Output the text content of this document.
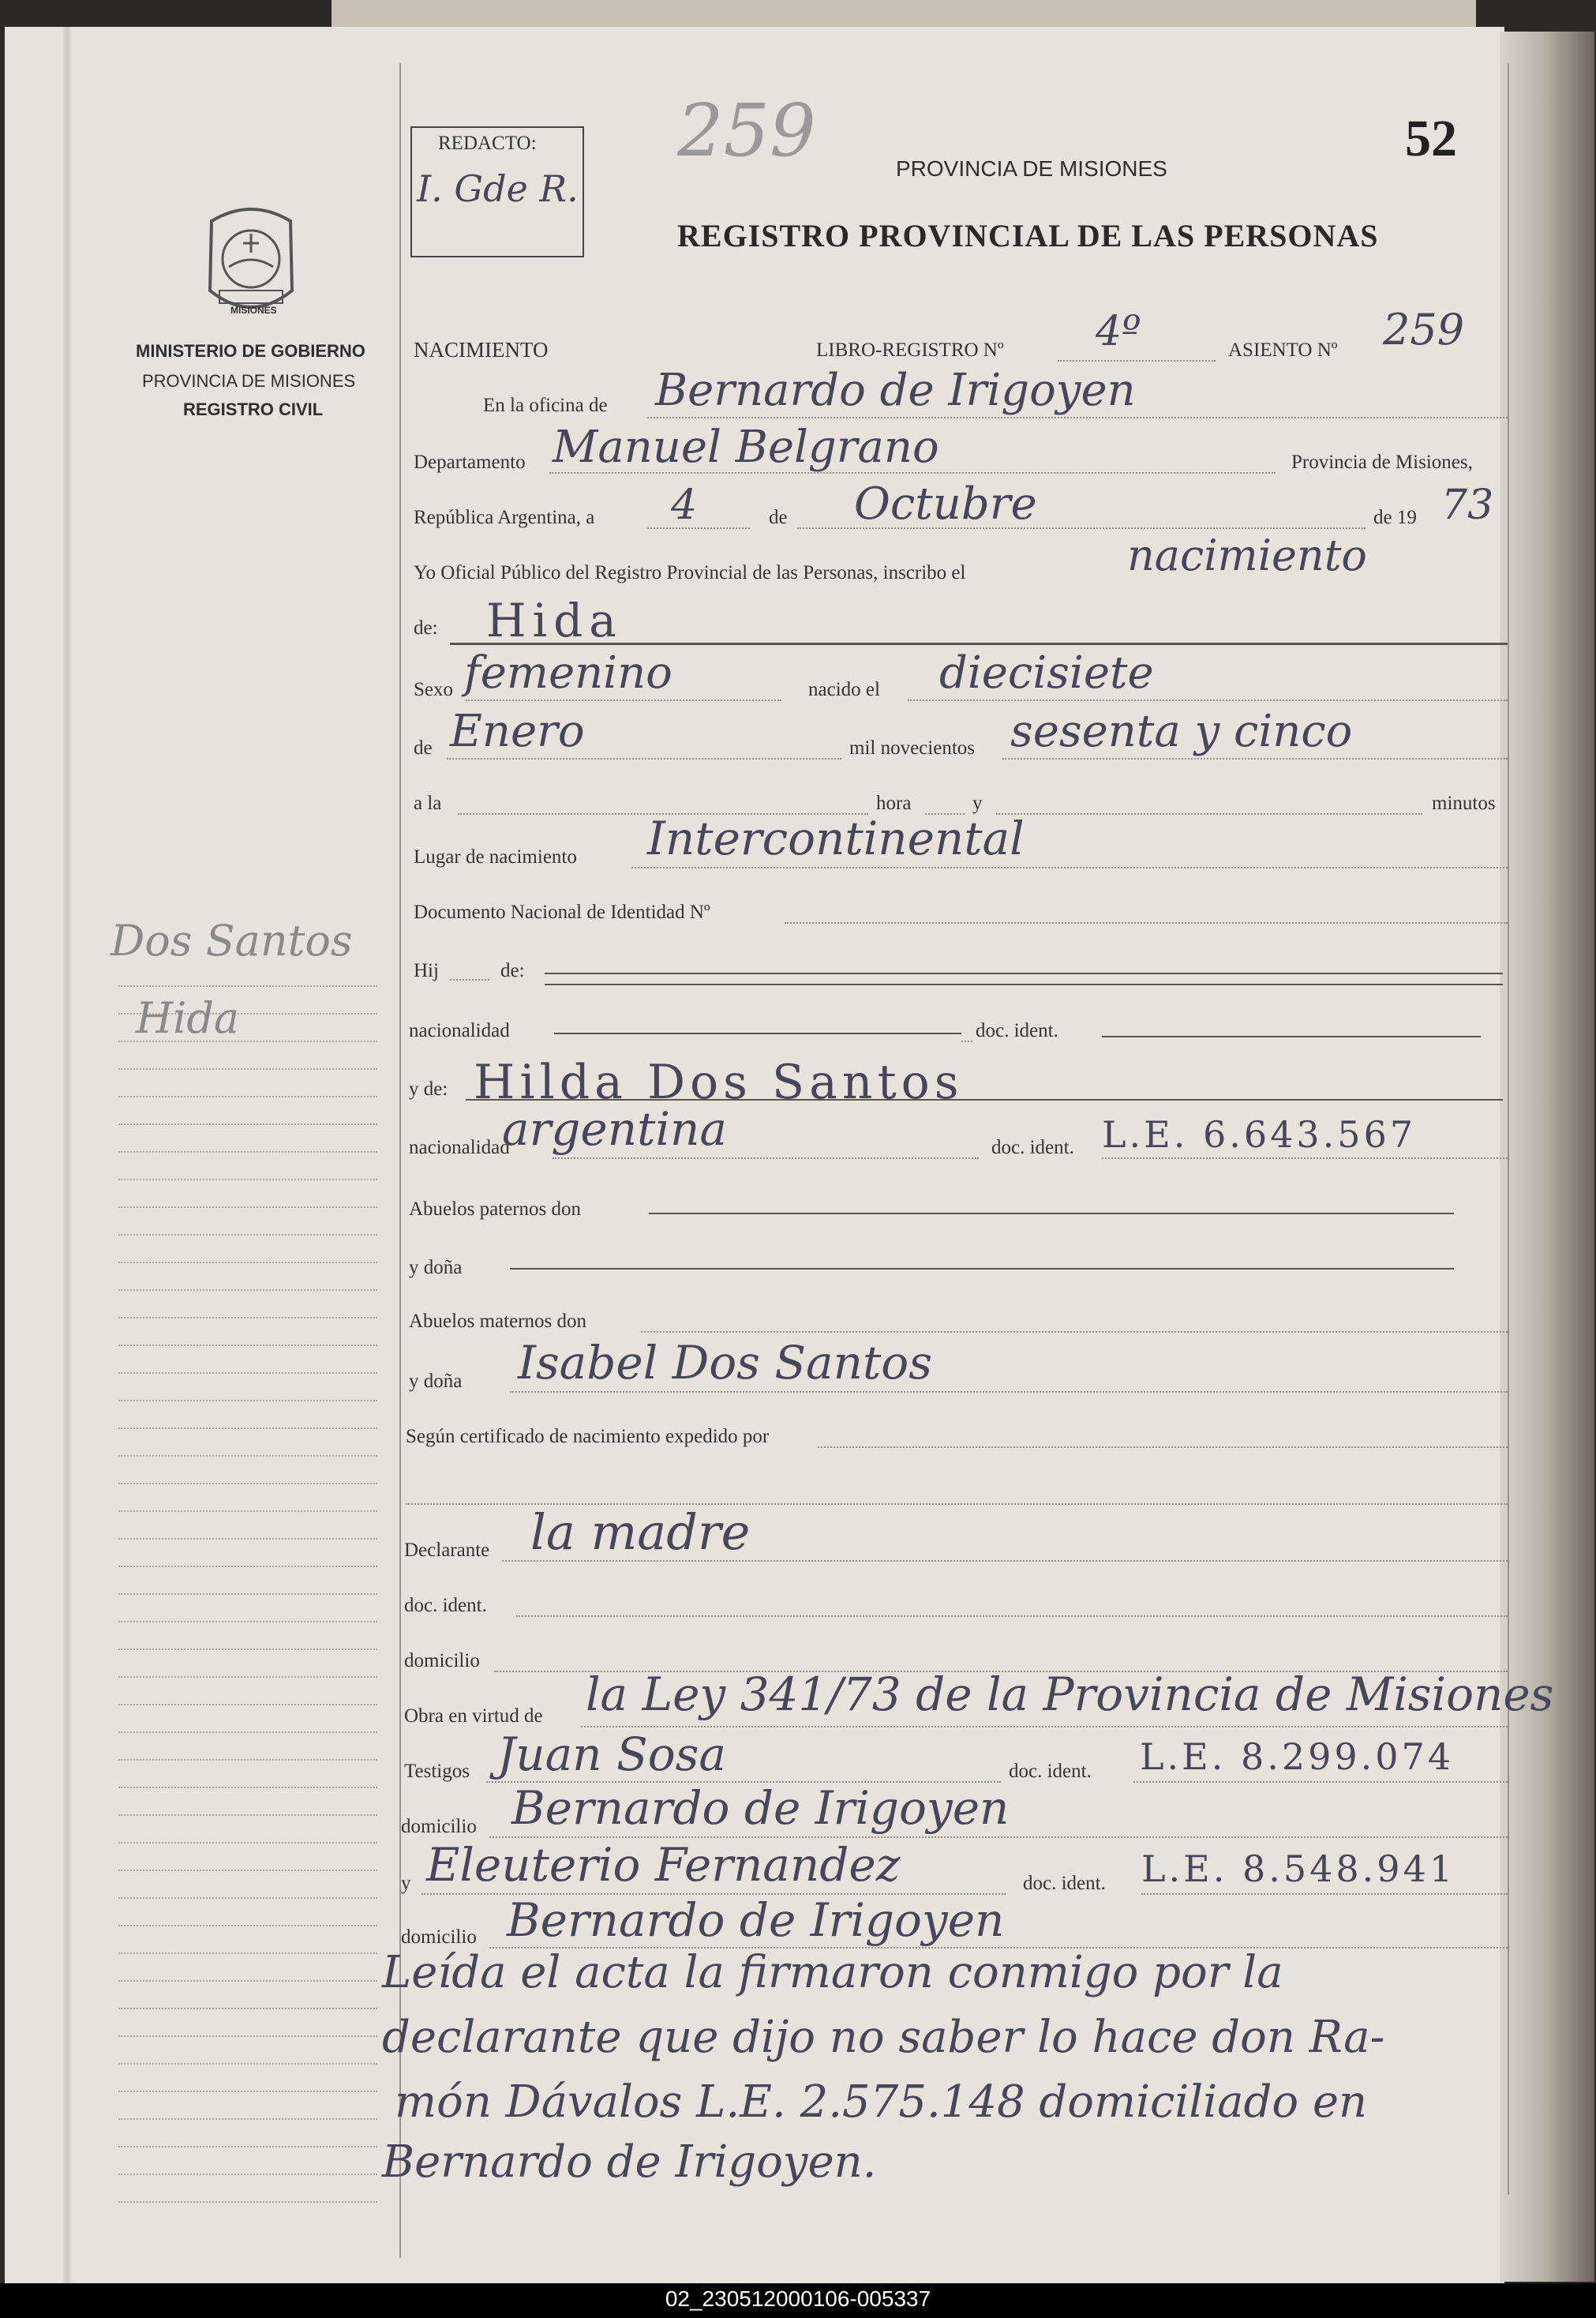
REDACTO:
I. Gde R.
259	52
PROVINCIA DE MISIONES
REGISTRO PROVINCIAL DE LAS PERSONAS
MISIONES
MINISTERIO DE GOBIERNO
PROVINCIA DE MISIONES
REGISTRO CIVIL
Dos Santos
Hida
NACIMIENTO	LIBRO-REGISTRO Nº 4º	ASIENTO Nº 259
En la oficina de Bernardo de Irigoyen
Departamento Manuel Belgrano	Provincia de Misiones,
República Argentina, a 4	de Octubre	de 19 73
Yo Oficial Público del Registro Provincial de las Personas, inscribo el	nacimiento
de: Hida
Sexo femenino	nacido el diecisiete
de Enero	mil novecientos sesenta y cinco
a la	hora	y	minutos
Lugar de nacimiento Intercontinental
Documento Nacional de Identidad Nº
Hij	de:
nacionalidad	doc. ident.
y de: Hilda Dos Santos
nacionalidad
argentina	doc. ident. L.E. 6.643.567
Abuelos paternos don
y doña
Abuelos maternos don
y doña Isabel Dos Santos
Según certificado de nacimiento expedido por
Declarante la madre
doc. ident.
domicilio
Obra en virtud de la Ley 341/73 de la Provincia de Misiones
Testigos Juan Sosa	doc. ident. L.E. 8.299.074
domicilio Bernardo de Irigoyen
y Eleuterio Fernandez	doc. ident. L.E. 8.548.941
domicilio Bernardo de Irigoyen
Leída el acta la firmaron conmigo por la
declarante que dijo no saber lo hace don Ra-
món Dávalos L.E. 2.575.148 domiciliado en
Bernardo de Irigoyen.
02_230512000106-005337
